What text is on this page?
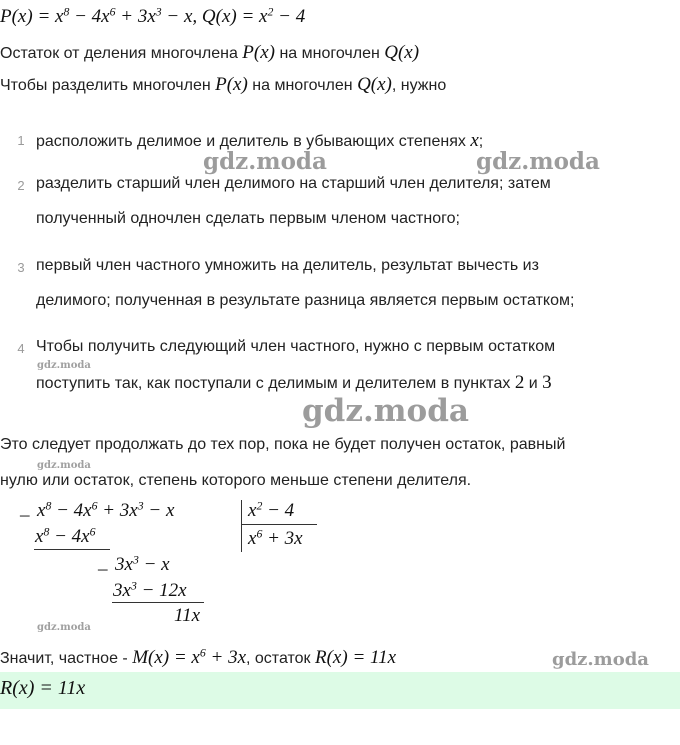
$P(x) = x^8 - 4x^6 + 3x^3 - x$, $Q(x) = x^2 - 4$
Остаток от деления многочлена P(x) на многочлен Q(x)
Чтобы разделить многочлен P(x) на многочлен Q(x), нужно
1 расположить делимое и делитель в убывающих степенях x;
2 разделить старший член делимого на старший член делителя; затем
полученный одночлен сделать первым членом частного;
3 первый член частного умножить на делитель, результат вычесть из
делимого; полученная в результате разница является первым остатком;
4 Чтобы получить следующий член частного, нужно с первым остатком
поступить так, как поступали с делимым и делителем в пунктах 2 и 3
Это следует продолжать до тех пор, пока не будет получен остаток, равный
нулю или остаток, степень которого меньше степени делителя.
_ $x^8 - 4x^6 + 3x^3 - x$
$x^8 - 4x^6$
_ $3x^3 - x$
$3x^3 - 12x$
11x
$x^2 - 4$
$x^6 + 3x$
Значит, частное - $M(x) = x^6 + 3x$, остаток R(x) = 11x
R(x) = 11x
gdz.moda	gdz.moda
gdz.moda
gdz.moda
gdz.moda
gdz.moda
gdz.moda
